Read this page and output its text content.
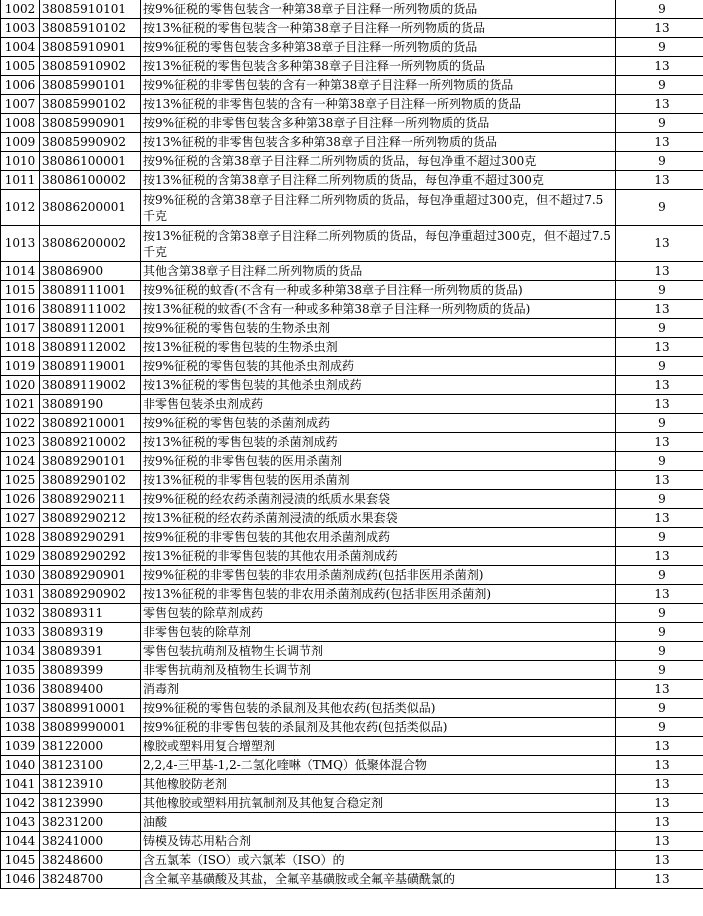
1002	38085910101	按9%征税的零售包装含一种第38章子目注释一所列物质的货品	9
1003	38085910102	按13%征税的零售包装含一种第38章子目注释一所列物质的货品	13
1004	38085910901	按9%征税的零售包装含多种第38章子目注释一所列物质的货品	9
1005	38085910902	按13%征税的零售包装含多种第38章子目注释一所列物质的货品	13
1006	38085990101	按9%征税的非零售包装的含有一种第38章子目注释一所列物质的货品	9
1007	38085990102	按13%征税的非零售包装的含有一种第38章子目注释一所列物质的货品	13
1008	38085990901	按9%征税的非零售包装含多种第38章子目注释一所列物质的货品	9
1009	38085990902	按13%征税的非零售包装含多种第38章子目注释一所列物质的货品	13
1010	38086100001	按9%征税的含第38章子目注释二所列物质的货品，每包净重不超过300克	9
1011	38086100002	按13%征税的含第38章子目注释二所列物质的货品，每包净重不超过300克	13
1012	38086200001	按9%征税的含第38章子目注释二所列物质的货品，每包净重超过300克，但不超过7.5千克	9
1013	38086200002	按13%征税的含第38章子目注释二所列物质的货品，每包净重超过300克，但不超过7.5千克	13
1014	38086900	其他含第38章子目注释二所列物质的货品	13
1015	38089111001	按9%征税的蚊香(不含有一种或多种第38章子目注释一所列物质的货品)	9
1016	38089111002	按13%征税的蚊香(不含有一种或多种第38章子目注释一所列物质的货品)	13
1017	38089112001	按9%征税的零售包装的生物杀虫剂	9
1018	38089112002	按13%征税的零售包装的生物杀虫剂	13
1019	38089119001	按9%征税的零售包装的其他杀虫剂成药	9
1020	38089119002	按13%征税的零售包装的其他杀虫剂成药	13
1021	38089190	非零售包装杀虫剂成药	13
1022	38089210001	按9%征税的零售包装的杀菌剂成药	9
1023	38089210002	按13%征税的零售包装的杀菌剂成药	13
1024	38089290101	按9%征税的非零售包装的医用杀菌剂	9
1025	38089290102	按13%征税的非零售包装的医用杀菌剂	13
1026	38089290211	按9%征税的经农药杀菌剂浸渍的纸质水果套袋	9
1027	38089290212	按13%征税的经农药杀菌剂浸渍的纸质水果套袋	13
1028	38089290291	按9%征税的非零售包装的其他农用杀菌剂成药	9
1029	38089290292	按13%征税的非零售包装的其他农用杀菌剂成药	13
1030	38089290901	按9%征税的非零售包装的非农用杀菌剂成药(包括非医用杀菌剂)	9
1031	38089290902	按13%征税的非零售包装的非农用杀菌剂成药(包括非医用杀菌剂)	13
1032	38089311	零售包装的除草剂成药	9
1033	38089319	非零售包装的除草剂	9
1034	38089391	零售包装抗萌剂及植物生长调节剂	9
1035	38089399	非零售抗萌剂及植物生长调节剂	9
1036	38089400	消毒剂	13
1037	38089910001	按9%征税的零售包装的杀鼠剂及其他农药(包括类似品)	9
1038	38089990001	按9%征税的非零售包装的杀鼠剂及其他农药(包括类似品)	9
1039	38122000	橡胶或塑料用复合增塑剂	13
1040	38123100	2,2,4-三甲基-1,2-二氢化喹啉（TMQ）低聚体混合物	13
1041	38123910	其他橡胶防老剂	13
1042	38123990	其他橡胶或塑料用抗氧制剂及其他复合稳定剂	13
1043	38231200	油酸	13
1044	38241000	铸模及铸芯用粘合剂	13
1045	38248600	含五氯苯（ISO）或六氯苯（ISO）的	13
1046	38248700	含全氟辛基磺酸及其盐，全氟辛基磺胺或全氟辛基磺酰氯的	13
